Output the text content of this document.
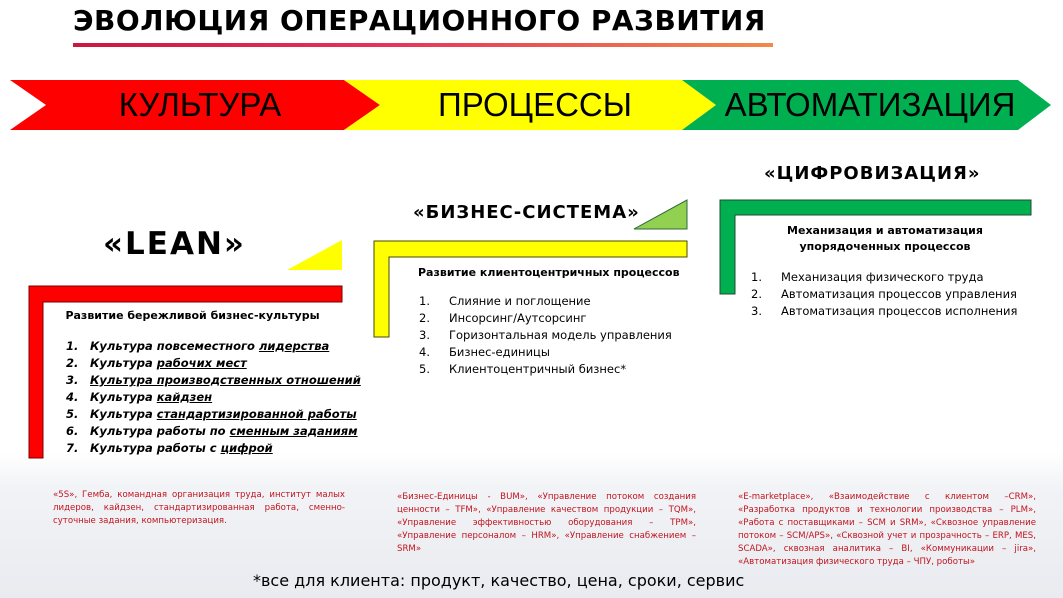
ЭВОЛЮЦИЯ ОПЕРАЦИОННОГО РАЗВИТИЯ
КУЛЬТУРА	ПРОЦЕССЫ	АВТОМАТИЗАЦИЯ
«LEAN»
«БИЗНЕС-СИСТЕМА»
«ЦИФРОВИЗАЦИЯ»
Развитие бережливой бизнес-культуры
1. Культура повсеместного лидерства
2. Культура рабочих мест
3. Культура производственных отношений
4. Культура кайдзен
5. Культура стандартизированной работы
6. Культура работы по сменным заданиям
7. Культура работы с цифрой
Развитие клиентоцентричных процессов
1. Слияние и поглощение
2. Инсорсинг/Аутсорсинг
3. Горизонтальная модель управления
4. Бизнес-единицы
5. Клиентоцентричный бизнес*
Механизация и автоматизация упорядоченных процессов
1. Механизация физического труда
2. Автоматизация процессов управления
3. Автоматизация процессов исполнения
«5S», Гемба, командная организация труда, институт малых лидеров, кайдзен, стандартизированная работа, сменно-суточные задания, компьютеризация.
«Бизнес-Единицы - BUM», «Управление потоком создания ценности – TFM», «Управление качеством продукции – TQM», «Управление эффективностью оборудования – TPM», «Управление персоналом – HRM», «Управление снабжением – SRM»
«E-marketplace», «Взаимодействие с клиентом –CRM», «Разработка продуктов и технологии производства – PLM», «Работа с поставщиками – SCM и SRM», «Сквозное управление потоком – SCM/APS», «Сквозной учет и прозрачность – ERP, MES, SCADA», сквозная аналитика – BI, «Коммуникации – jira», «Автоматизация физического труда – ЧПУ, роботы»
*все для клиента: продукт, качество, цена, сроки, сервис
